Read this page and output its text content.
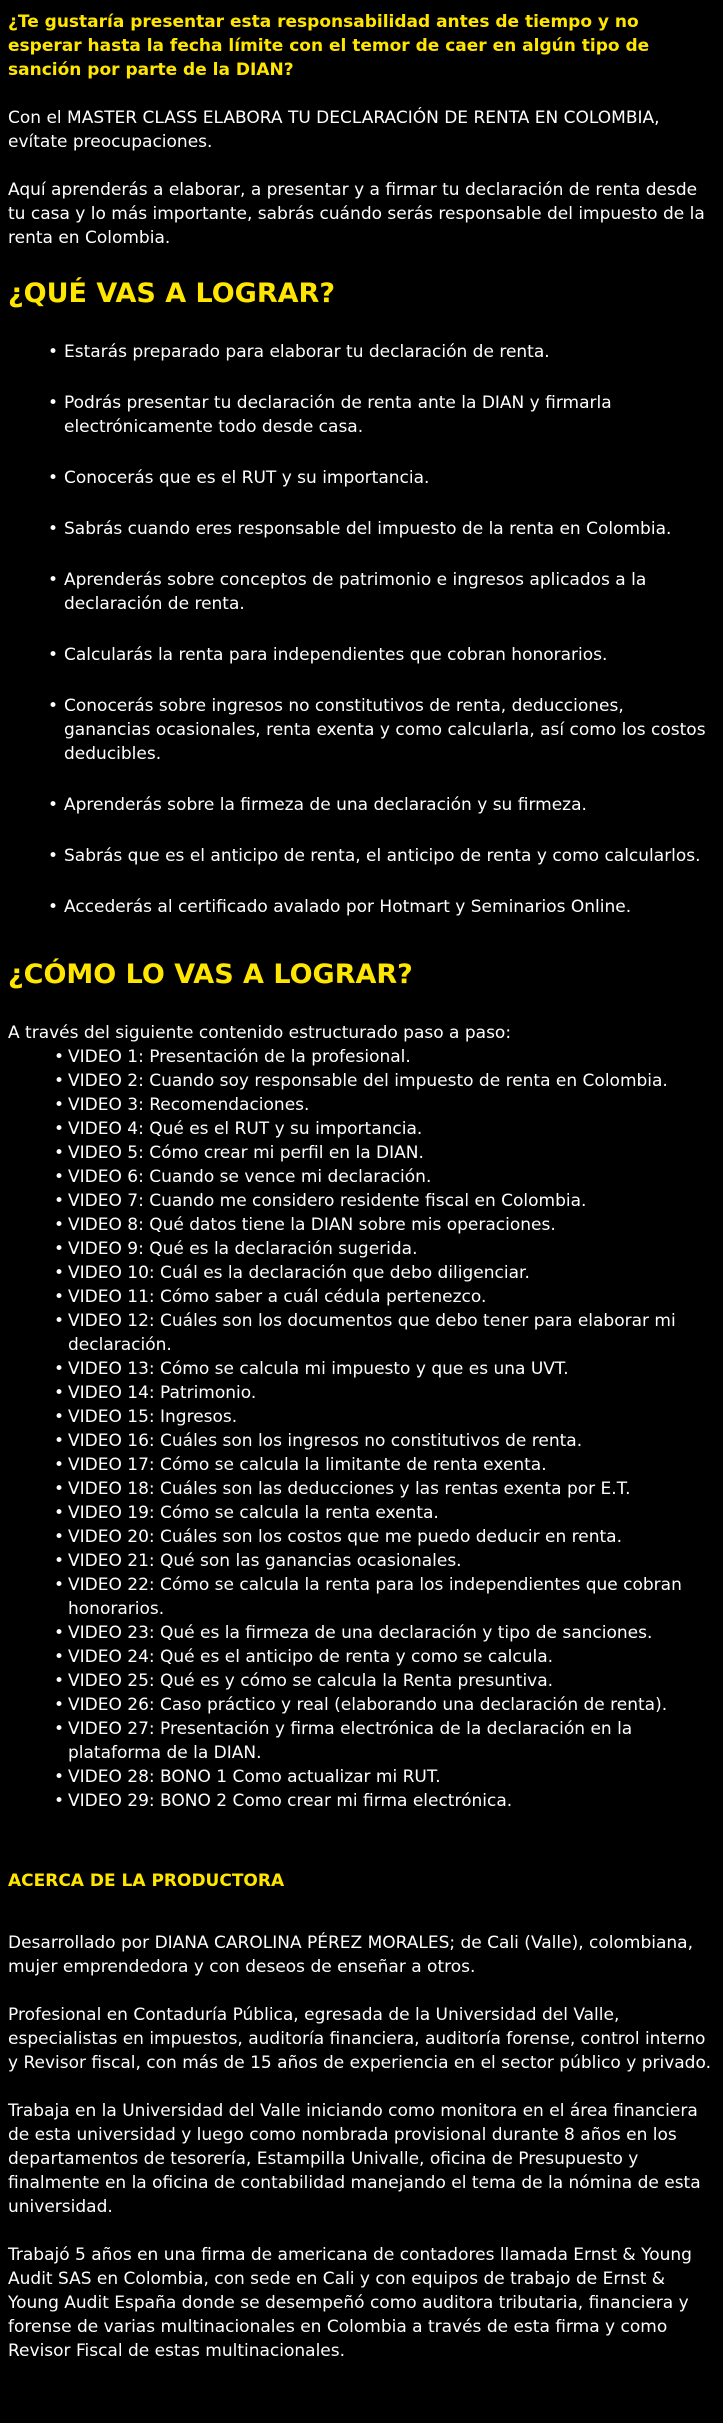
¿Te gustaría presentar esta responsabilidad antes de tiempo y no esperar hasta la fecha límite con el temor de caer en algún tipo de sanción por parte de la DIAN?

Con el MASTER CLASS ELABORA TU DECLARACIÓN DE RENTA EN COLOMBIA, evítate preocupaciones.

Aquí aprenderás a elaborar, a presentar y a firmar tu declaración de renta desde tu casa y lo más importante, sabrás cuándo serás responsable del impuesto de la renta en Colombia.

¿QUÉ VAS A LOGRAR?
• Estarás preparado para elaborar tu declaración de renta.
• Podrás presentar tu declaración de renta ante la DIAN y firmarla electrónicamente todo desde casa.
• Conocerás que es el RUT y su importancia.
• Sabrás cuando eres responsable del impuesto de la renta en Colombia.
• Aprenderás sobre conceptos de patrimonio e ingresos aplicados a la declaración de renta.
• Calcularás la renta para independientes que cobran honorarios.
• Conocerás sobre ingresos no constitutivos de renta, deducciones, ganancias ocasionales, renta exenta y como calcularla, así como los costos deducibles.
• Aprenderás sobre la firmeza de una declaración y su firmeza.
• Sabrás que es el anticipo de renta, el anticipo de renta y como calcularlos.
• Accederás al certificado avalado por Hotmart y Seminarios Online.
¿CÓMO LO VAS A LOGRAR?
A través del siguiente contenido estructurado paso a paso:
• VIDEO 1: Presentación de la profesional.
• VIDEO 2: Cuando soy responsable del impuesto de renta en Colombia.
• VIDEO 3: Recomendaciones.
• VIDEO 4: Qué es el RUT y su importancia.
• VIDEO 5: Cómo crear mi perfil en la DIAN.
• VIDEO 6: Cuando se vence mi declaración.
• VIDEO 7: Cuando me considero residente fiscal en Colombia.
• VIDEO 8: Qué datos tiene la DIAN sobre mis operaciones.
• VIDEO 9: Qué es la declaración sugerida.
• VIDEO 10: Cuál es la declaración que debo diligenciar.
• VIDEO 11: Cómo saber a cuál cédula pertenezco.
• VIDEO 12: Cuáles son los documentos que debo tener para elaborar mi declaración.
• VIDEO 13: Cómo se calcula mi impuesto y que es una UVT.
• VIDEO 14: Patrimonio.
• VIDEO 15: Ingresos.
• VIDEO 16: Cuáles son los ingresos no constitutivos de renta.
• VIDEO 17: Cómo se calcula la limitante de renta exenta.
• VIDEO 18: Cuáles son las deducciones y las rentas exenta por E.T.
• VIDEO 19: Cómo se calcula la renta exenta.
• VIDEO 20: Cuáles son los costos que me puedo deducir en renta.
• VIDEO 21: Qué son las ganancias ocasionales.
• VIDEO 22: Cómo se calcula la renta para los independientes que cobran honorarios.
• VIDEO 23: Qué es la firmeza de una declaración y tipo de sanciones.
• VIDEO 24: Qué es el anticipo de renta y como se calcula.
• VIDEO 25: Qué es y cómo se calcula la Renta presuntiva.
• VIDEO 26: Caso práctico y real (elaborando una declaración de renta).
• VIDEO 27: Presentación y firma electrónica de la declaración en la plataforma de la DIAN.
• VIDEO 28: BONO 1 Como actualizar mi RUT.
• VIDEO 29: BONO 2 Como crear mi firma electrónica.
ACERCA DE LA PRODUCTORA

Desarrollado por DIANA CAROLINA PÉREZ MORALES; de Cali (Valle), colombiana, mujer emprendedora y con deseos de enseñar a otros.

Profesional en Contaduría Pública, egresada de la Universidad del Valle, especialistas en impuestos, auditoría financiera, auditoría forense, control interno y Revisor fiscal, con más de 15 años de experiencia en el sector público y privado.

Trabaja en la Universidad del Valle iniciando como monitora en el área financiera de esta universidad y luego como nombrada provisional durante 8 años en los departamentos de tesorería, Estampilla Univalle, oficina de Presupuesto y finalmente en la oficina de contabilidad manejando el tema de la nómina de esta universidad.

Trabajó 5 años en una firma de americana de contadores llamada Ernst & Young Audit SAS en Colombia, con sede en Cali y con equipos de trabajo de Ernst & Young Audit España donde se desempeñó como auditora tributaria, financiera y forense de varias multinacionales en Colombia a través de esta firma y como Revisor Fiscal de estas multinacionales.
